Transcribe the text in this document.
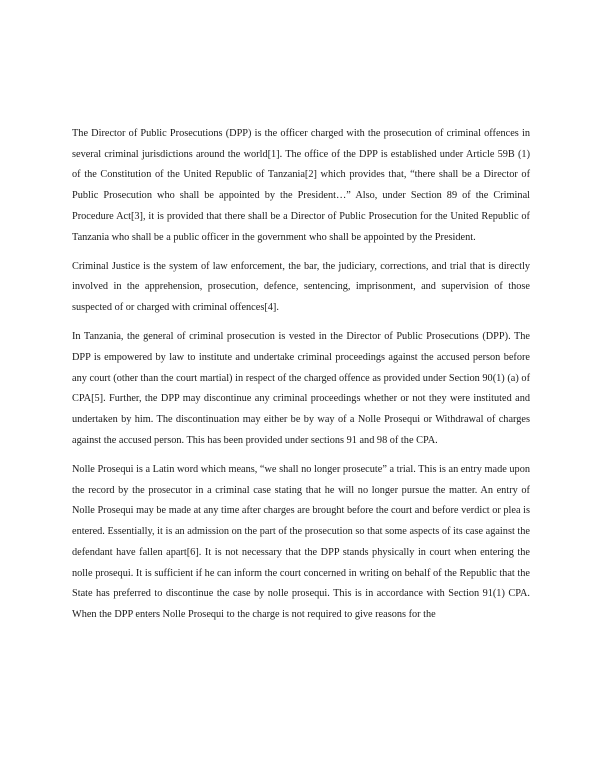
The Director of Public Prosecutions (DPP) is the officer charged with the prosecution of criminal offences in several criminal jurisdictions around the world[1]. The office of the DPP is established under Article 59B (1) of the Constitution of the United Republic of Tanzania[2] which provides that, “there shall be a Director of Public Prosecution who shall be appointed by the President…” Also, under Section 89 of the Criminal Procedure Act[3], it is provided that there shall be a Director of Public Prosecution for the United Republic of Tanzania who shall be a public officer in the government who shall be appointed by the President.

Criminal Justice is the system of law enforcement, the bar, the judiciary, corrections, and trial that is directly involved in the apprehension, prosecution, defence, sentencing, imprisonment, and supervision of those suspected of or charged with criminal offences[4].

In Tanzania, the general of criminal prosecution is vested in the Director of Public Prosecutions (DPP). The DPP is empowered by law to institute and undertake criminal proceedings against the accused person before any court (other than the court martial) in respect of the charged offence as provided under Section 90(1) (a) of CPA[5]. Further, the DPP may discontinue any criminal proceedings whether or not they were instituted and undertaken by him. The discontinuation may either be by way of a Nolle Prosequi or Withdrawal of charges against the accused person. This has been provided under sections 91 and 98 of the CPA.

Nolle Prosequi is a Latin word which means, “we shall no longer prosecute” a trial. This is an entry made upon the record by the prosecutor in a criminal case stating that he will no longer pursue the matter. An entry of Nolle Prosequi may be made at any time after charges are brought before the court and before verdict or plea is entered. Essentially, it is an admission on the part of the prosecution so that some aspects of its case against the defendant have fallen apart[6]. It is not necessary that the DPP stands physically in court when entering the nolle prosequi. It is sufficient if he can inform the court concerned in writing on behalf of the Republic that the State has preferred to discontinue the case by nolle prosequi. This is in accordance with Section 91(1) CPA. When the DPP enters Nolle Prosequi to the charge is not required to give reasons for the
